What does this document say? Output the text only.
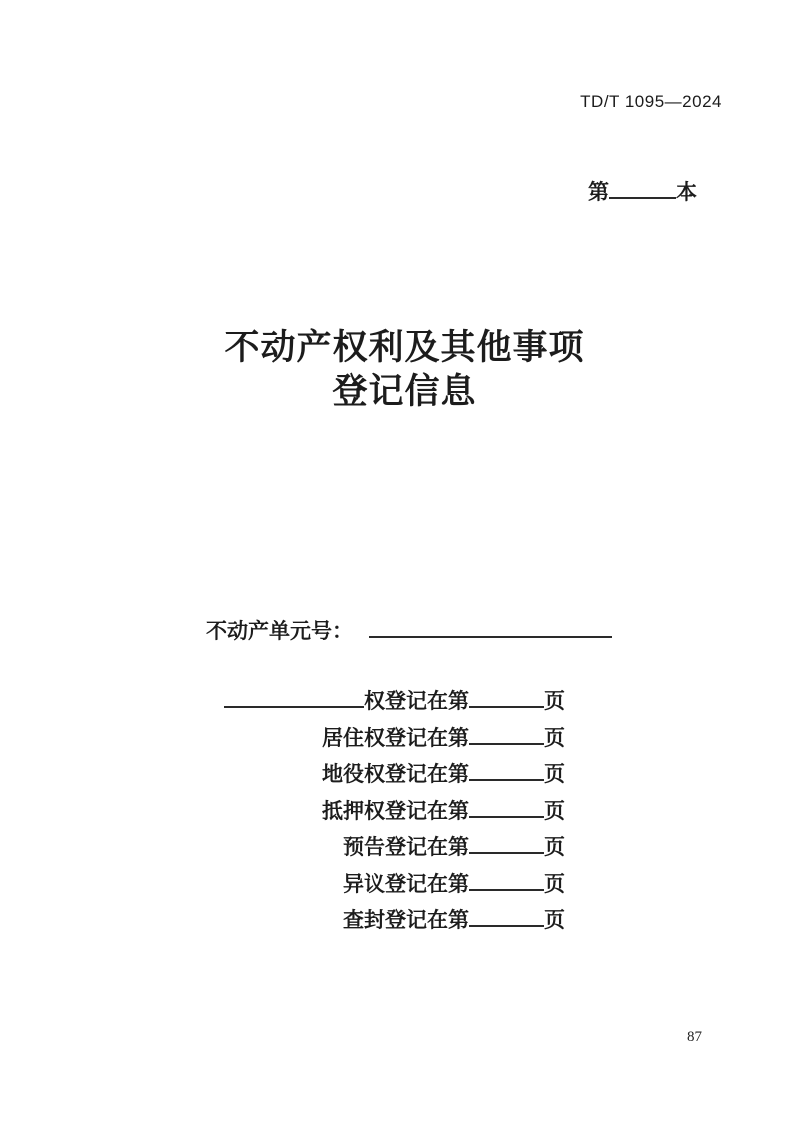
TD/T 1095—2024
第	本
不动产权利及其他事项
登记信息
不动产单元号：
权登记在第	页
居住权登记在第	页
地役权登记在第	页
抵押权登记在第	页
预告登记在第	页
异议登记在第	页
查封登记在第	页
87
